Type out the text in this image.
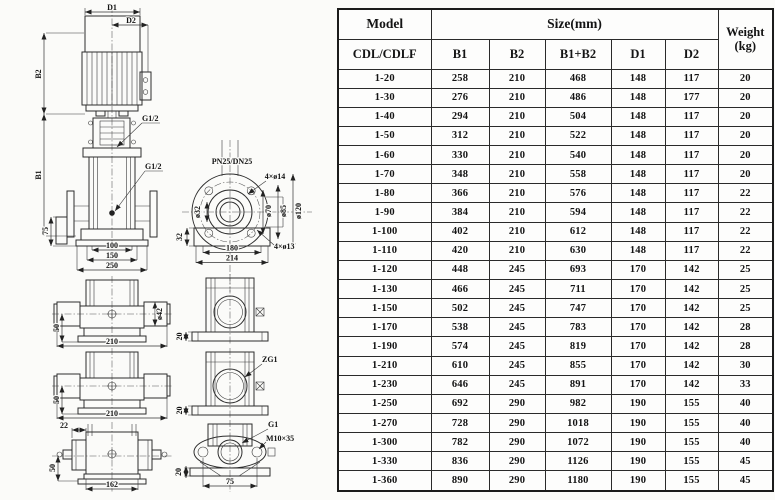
D1
D2
B2
B1
G1/2
G1/2
75
100
150
250
PN25/DN25
4×ø14
ø32	ø70 ø85 ø120
32
4×ø13
180
214
50
ø42
210
50
210
22
50
162
20
20
ZG1
G1
M10×35
20
75
Model	Size(mm)					Weight
(kg)

CDL/CDLF	B1	B2	B1+B2	D1	D2	
1-20	258	210	468	148	117	20
1-30	276	210	486	148	177	20
1-40	294	210	504	148	117	20
1-50	312	210	522	148	117	20
1-60	330	210	540	148	117	20
1-70	348	210	558	148	117	20
1-80	366	210	576	148	117	22
1-90	384	210	594	148	117	22
1-100	402	210	612	148	117	22
1-110	420	210	630	148	117	22
1-120	448	245	693	170	142	25
1-130	466	245	711	170	142	25
1-150	502	245	747	170	142	25
1-170	538	245	783	170	142	28
1-190	574	245	819	170	142	28
1-210	610	245	855	170	142	30
1-230	646	245	891	170	142	33
1-250	692	290	982	190	155	40
1-270	728	290	1018	190	155	40
1-300	782	290	1072	190	155	40
1-330	836	290	1126	190	155	45
1-360	890	290	1180	190	155	45
